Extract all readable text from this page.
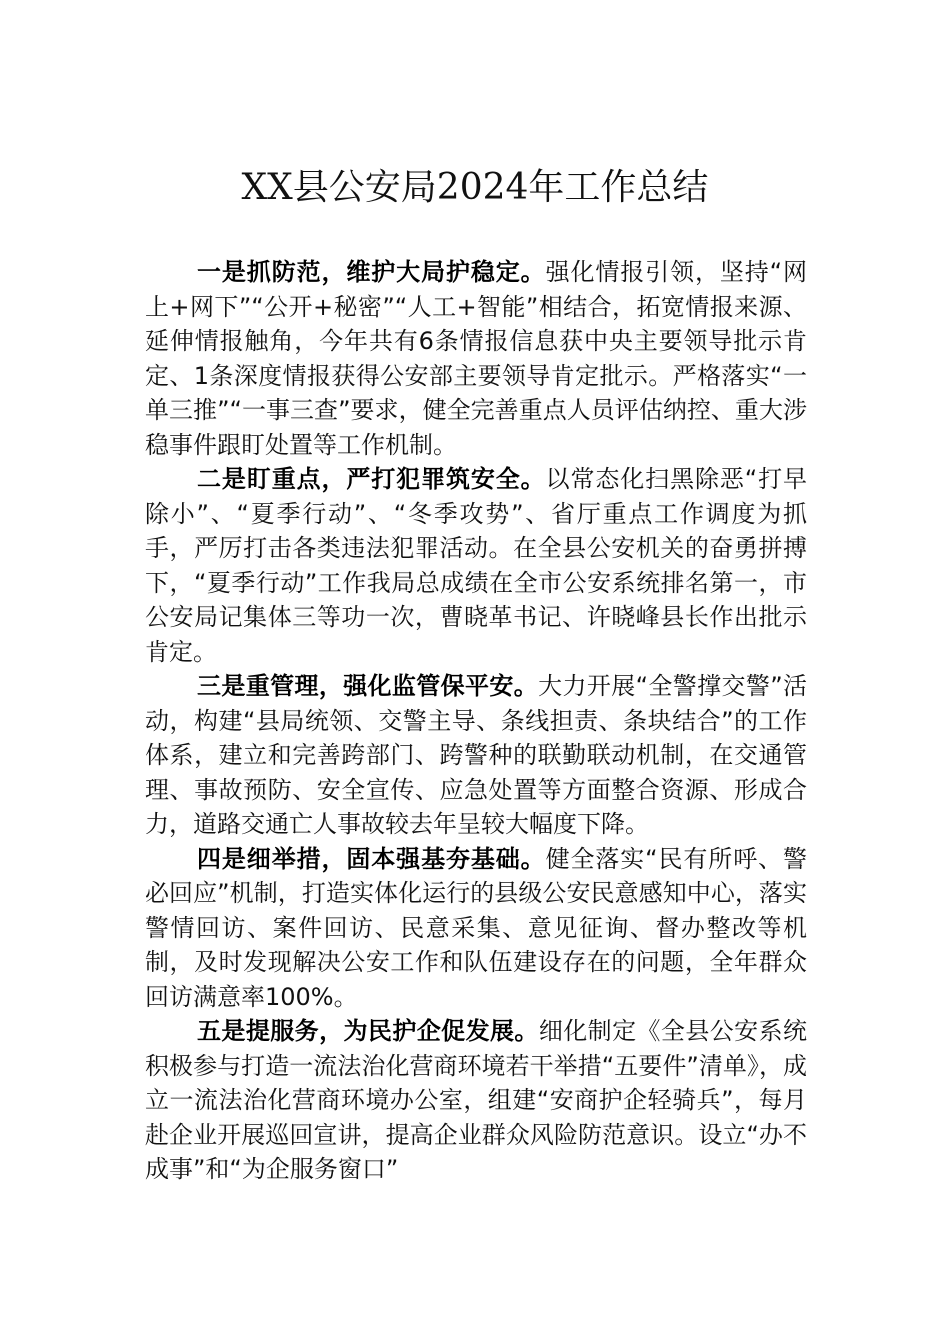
XX县公安局2024年工作总结

一是抓防范，维护大局护稳定。强化情报引领，坚持“网上+网下”“公开+秘密”“人工+智能”相结合，拓宽情报来源、延伸情报触角，今年共有6条情报信息获中央主要领导批示肯定、1条深度情报获得公安部主要领导肯定批示。严格落实“一单三推”“一事三查”要求，健全完善重点人员评估纳控、重大涉稳事件跟盯处置等工作机制。

二是盯重点，严打犯罪筑安全。以常态化扫黑除恶“打早除小”、“夏季行动”、“冬季攻势”、省厅重点工作调度为抓手，严厉打击各类违法犯罪活动。在全县公安机关的奋勇拼搏下，“夏季行动”工作我局总成绩在全市公安系统排名第一，市公安局记集体三等功一次，曹晓革书记、许晓峰县长作出批示肯定。

三是重管理，强化监管保平安。大力开展“全警撑交警”活动，构建“县局统领、交警主导、条线担责、条块结合”的工作体系，建立和完善跨部门、跨警种的联勤联动机制，在交通管理、事故预防、安全宣传、应急处置等方面整合资源、形成合力，道路交通亡人事故较去年呈较大幅度下降。

四是细举措，固本强基夯基础。健全落实“民有所呼、警必回应”机制，打造实体化运行的县级公安民意感知中心，落实警情回访、案件回访、民意采集、意见征询、督办整改等机制，及时发现解决公安工作和队伍建设存在的问题，全年群众回访满意率100%。

五是提服务，为民护企促发展。细化制定《全县公安系统积极参与打造一流法治化营商环境若干举措“五要件”清单》，成立一流法治化营商环境办公室，组建“安商护企轻骑兵”，每月赴企业开展巡回宣讲，提高企业群众风险防范意识。设立“办不成事”和“为企服务窗口”
